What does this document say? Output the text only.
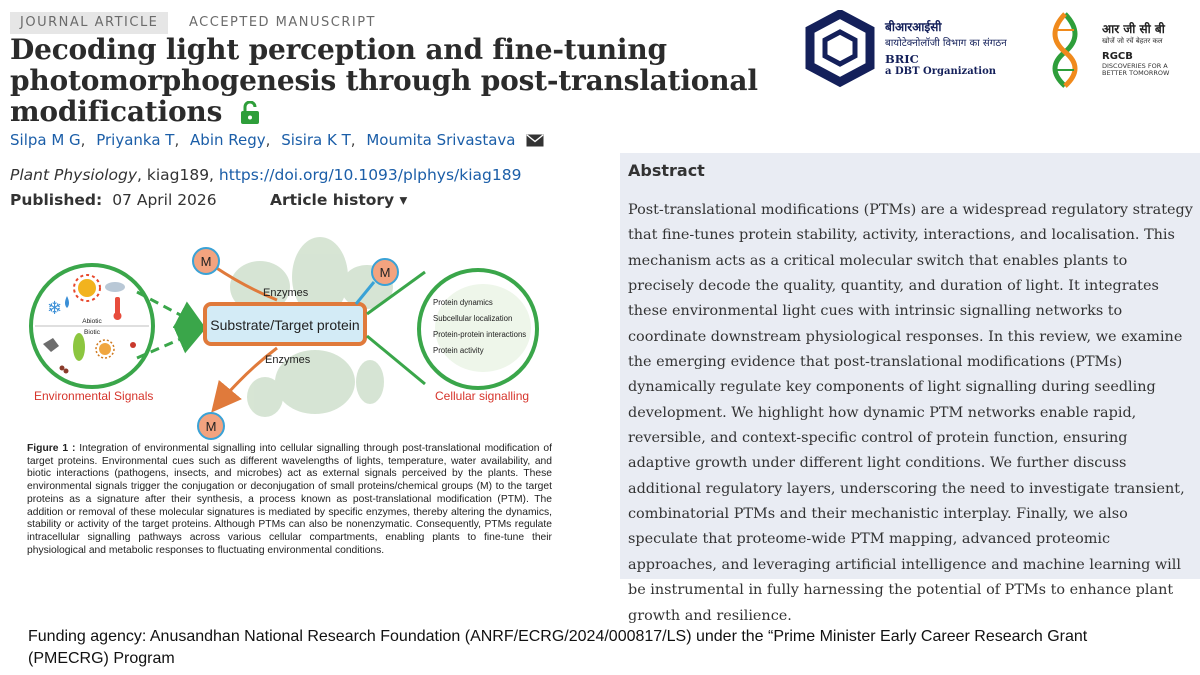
JOURNAL ARTICLE	ACCEPTED MANUSCRIPT
Decoding light perception and fine-tuning photomorphogenesis through post-translational modifications
Silpa M G, Priyanka T, Abin Regy, Sisira K T, Moumita Srivastava
Plant Physiology, kiag189, https://doi.org/10.1093/plphys/kiag189
Published: 07 April 2026	Article history ▾
❄
Abiotic
Biotic	Substrate/Target protein
M
M
M
Enzymes
Enzymes
Protein dynamics
Subcellular localization
Protein-protein interactions
Protein activity
Environmental Signals	Cellular signalling
Figure 1 : Integration of environmental signalling into cellular signalling through post-translational modification of target proteins. Environmental cues such as different wavelengths of lights, temperature, water availability, and biotic interactions (pathogens, insects, and microbes) act as external signals perceived by the plants. These environmental signals trigger the conjugation or deconjugation of small proteins/chemical groups (M) to the target proteins as a signature after their synthesis, a process known as post-translational modification (PTM). The addition or removal of these molecular signatures is mediated by specific enzymes, thereby altering the dynamics, stability or activity of the target proteins. Although PTMs can also be nonenzymatic. Consequently, PTMs regulate intracellular signalling pathways across various cellular compartments, enabling plants to fine-tune their physiological and metabolic responses to fluctuating environmental conditions.
बीआरआईसी
बायोटेक्नोलॉजी विभाग का संगठन
BRIC
a DBT Organization
आर जी सी बी
खोजें जो रचें बेहतर कल
RGCB
DISCOVERIES FOR A BETTER TOMORROW
Abstract
Post-translational modifications (PTMs) are a widespread regulatory strategy that fine-tunes protein stability, activity, interactions, and localisation. This mechanism acts as a critical molecular switch that enables plants to precisely decode the quality, quantity, and duration of light. It integrates these environmental light cues with intrinsic signalling networks to coordinate downstream physiological responses. In this review, we examine the emerging evidence that post-translational modifications (PTMs) dynamically regulate key components of light signalling during seedling development. We highlight how dynamic PTM networks enable rapid, reversible, and context-specific control of protein function, ensuring adaptive growth under different light conditions. We further discuss additional regulatory layers, underscoring the need to investigate transient, combinatorial PTMs and their mechanistic interplay. Finally, we also speculate that proteome-wide PTM mapping, advanced proteomic approaches, and leveraging artificial intelligence and machine learning will be instrumental in fully harnessing the potential of PTMs to enhance plant growth and resilience.
Funding agency: Anusandhan National Research Foundation (ANRF/ECRG/2024/000817/LS) under the “Prime Minister Early Career Research Grant (PMECRG) Program
